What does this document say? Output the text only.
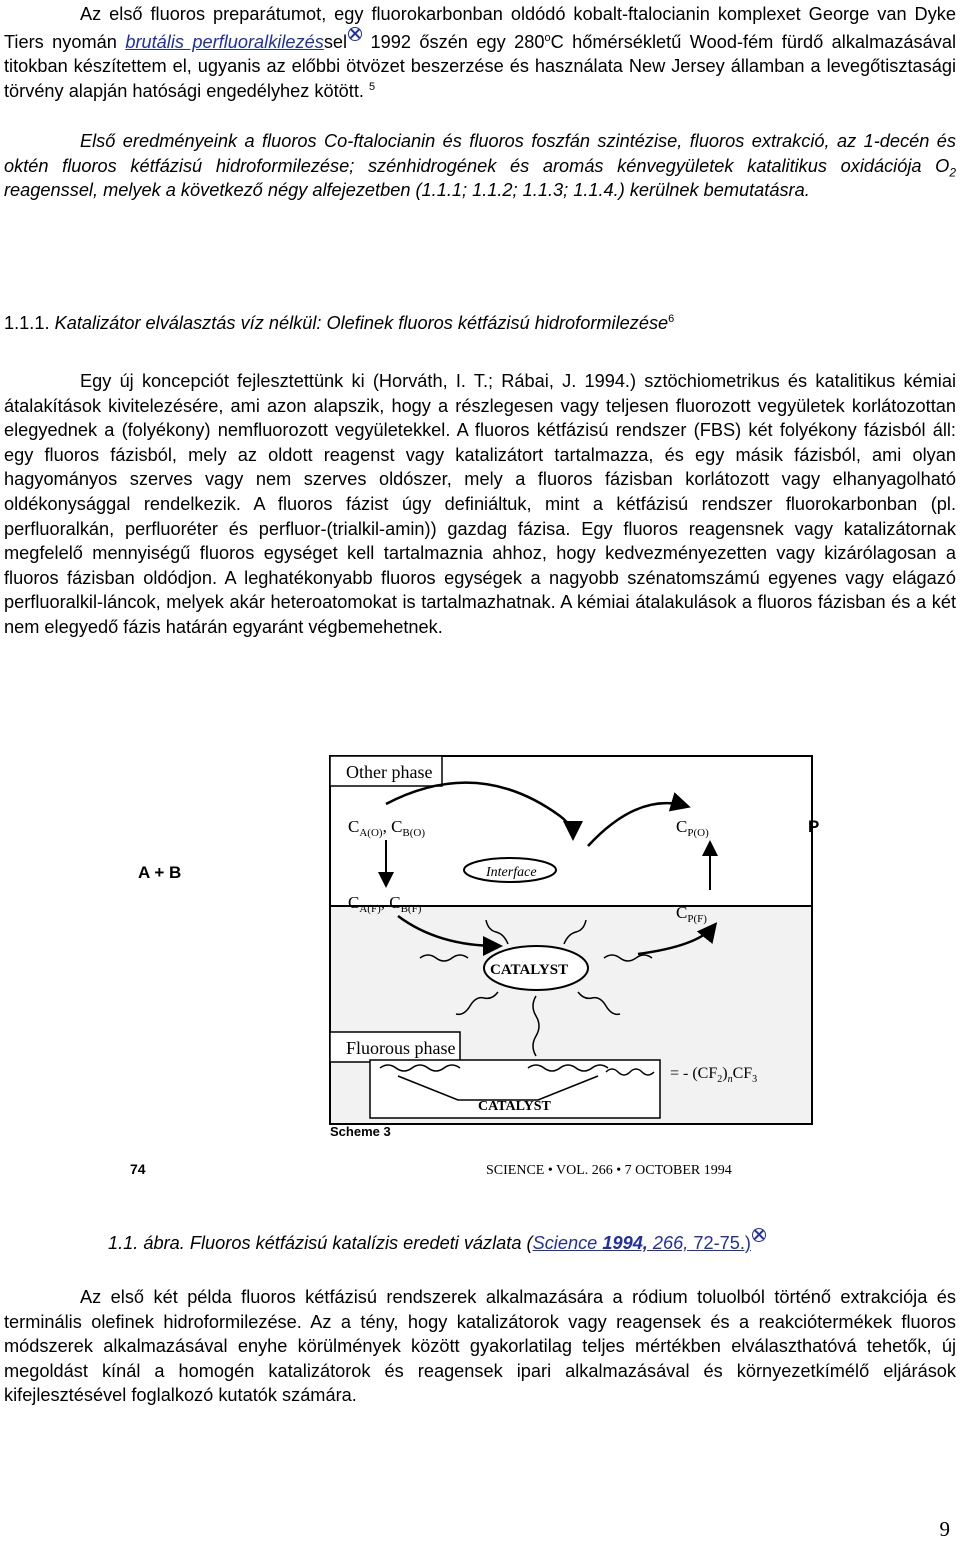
Az első fluoros preparátumot, egy fluorokarbonban oldódó kobalt-ftalocianin komplexet George van Dyke Tiers nyomán brutális perfluoralkilezéssel 1992 őszén egy 280$^o$C hőmérsékletű Wood-fém fürdő alkalmazásával titokban készítettem el, ugyanis az előbbi ötvözet beszerzése és használata New Jersey államban a levegőtisztasági törvény alapján hatósági engedélyhez kötött. $^5$
Első eredményeink a fluoros Co-ftalocianin és fluoros foszfán szintézise, fluoros extrakció, az 1-decén és oktén fluoros kétfázisú hidroformilezése; szénhidrogének és aromás kénvegyületek katalitikus oxidációja $O_2$ reagenssel, melyek a következő négy alfejezetben (1.1.1; 1.1.2; 1.1.3; 1.1.4.) kerülnek bemutatásra.
1.1.1. Katalizátor elválasztás víz nélkül: Olefinek fluoros kétfázisú hidroformilezése$^6$
Egy új koncepciót fejlesztettünk ki (Horváth, I. T.; Rábai, J. 1994.) sztöchiometrikus és katalitikus kémiai átalakítások kivitelezésére, ami azon alapszik, hogy a részlegesen vagy teljesen fluorozott vegyületek korlátozottan elegyednek a (folyékony) nemfluorozott vegyületekkel. A fluoros kétfázisú rendszer (FBS) két folyékony fázisból áll: egy fluoros fázisból, mely az oldott reagenst vagy katalizátort tartalmazza, és egy másik fázisból, ami olyan hagyományos szerves vagy nem szerves oldószer, mely a fluoros fázisban korlátozott vagy elhanyagolható oldékonysággal rendelkezik. A fluoros fázist úgy definiáltuk, mint a kétfázisú rendszer fluorokarbonban (pl. perfluoralkán, perfluoréter és perfluor-(trialkil-amin)) gazdag fázisa. Egy fluoros reagensnek vagy katalizátornak megfelelő mennyiségű fluoros egységet kell tartalmaznia ahhoz, hogy kedvezményezetten vagy kizárólagosan a fluoros fázisban oldódjon. A leghatékonyabb fluoros egységek a nagyobb szénatomszámú egyenes vagy elágazó perfluoralkil-láncok, melyek akár heteroatomokat is tartalmazhatnak. A kémiai átalakulások a fluoros fázisban és a két nem elegyedő fázis határán egyaránt végbemehetnek.
Other phase
Fluorous phase
Interface
$C_{A(O)}$, $C_{B(O)}$	$C_{P(O)}$
$C_{A(F)}$, $C_{B(F)}$	$C_{P(F)}$
A + B
P
CATALYST
CATALYST
= - $(CF_2)_nCF_3$
Scheme 3
74	SCIENCE • VOL. 266 • 7 OCTOBER 1994
1.1. ábra. Fluoros kétfázisú katalízis eredeti vázlata (Science 1994, 266, 72-75.)
Az első két példa fluoros kétfázisú rendszerek alkalmazására a ródium toluolból történő extrakciója és terminális olefinek hidroformilezése. Az a tény, hogy katalizátorok vagy reagensek és a reakciótermékek fluoros módszerek alkalmazásával enyhe körülmények között gyakorlatilag teljes mértékben elválaszthatóvá tehetők, új megoldást kínál a homogén katalizátorok és reagensek ipari alkalmazásával és környezetkímélő eljárások kifejlesztésével foglalkozó kutatók számára.
9
